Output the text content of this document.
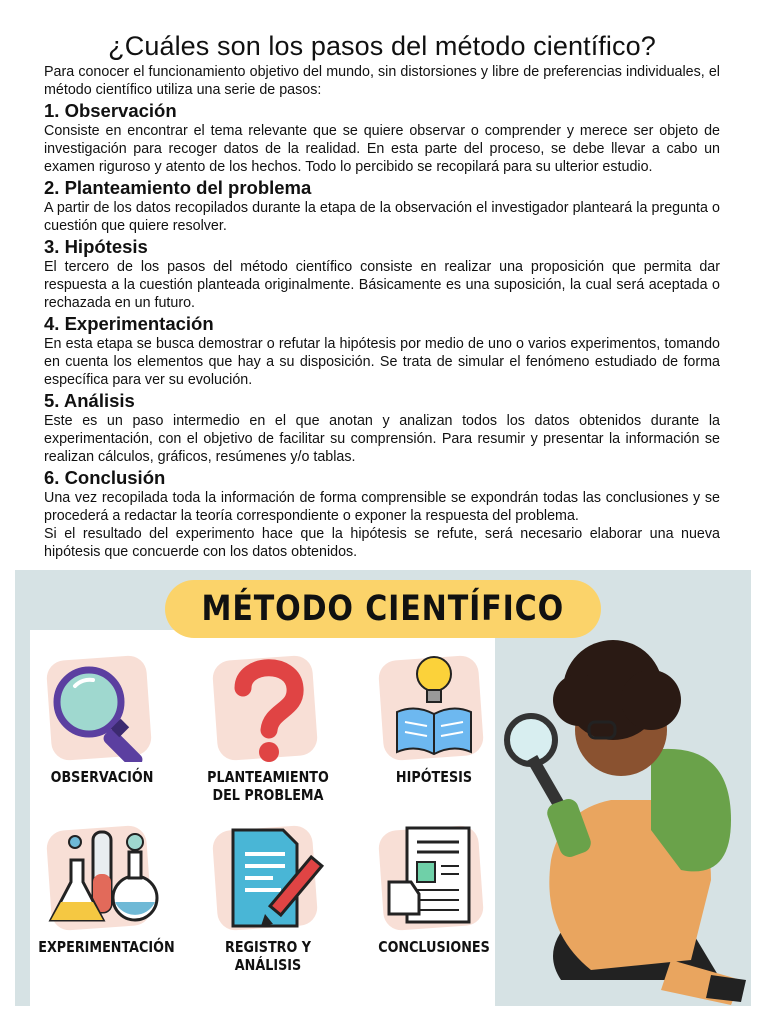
¿Cuáles son los pasos del método científico?

Para conocer el funcionamiento objetivo del mundo, sin distorsiones y libre de preferencias individuales, el método científico utiliza una serie de pasos:

1. Observación

Consiste en encontrar el tema relevante que se quiere observar o comprender y merece ser objeto de investigación para recoger datos de la realidad. En esta parte del proceso, se debe llevar a cabo un examen riguroso y atento de los hechos. Todo lo percibido se recopilará para su ulterior estudio.

2. Planteamiento del problema

A partir de los datos recopilados durante la etapa de la observación el investigador planteará la pregunta o cuestión que quiere resolver.

3. Hipótesis

El tercero de los pasos del método científico consiste en realizar una proposición que permita dar respuesta a la cuestión planteada originalmente. Básicamente es una suposición, la cual será aceptada o rechazada en un futuro.

4. Experimentación

En esta etapa se busca demostrar o refutar la hipótesis por medio de uno o varios experimentos, tomando en cuenta los elementos que hay a su disposición. Se trata de simular el fenómeno estudiado de forma específica para ver su evolución.

5. Análisis

Este es un paso intermedio en el que anotan y analizan todos los datos obtenidos durante la experimentación, con el objetivo de facilitar su comprensión. Para resumir y presentar la información se realizan cálculos, gráficos, resúmenes y/o tablas.

6. Conclusión

Una vez recopilada toda la información de forma comprensible se expondrán todas las conclusiones y se procederá a redactar la teoría correspondiente o exponer la respuesta del problema.

Si el resultado del experimento hace que la hipótesis se refute, será necesario elaborar una nueva hipótesis que concuerde con los datos obtenidos.

MÉTODO CIENTÍFICO
OBSERVACIÓN	PLANTEAMIENTO
DEL PROBLEMA
HIPÓTESIS
EXPERIMENTACIÓN	REGISTRO Y
ANÁLISIS
CONCLUSIONES
